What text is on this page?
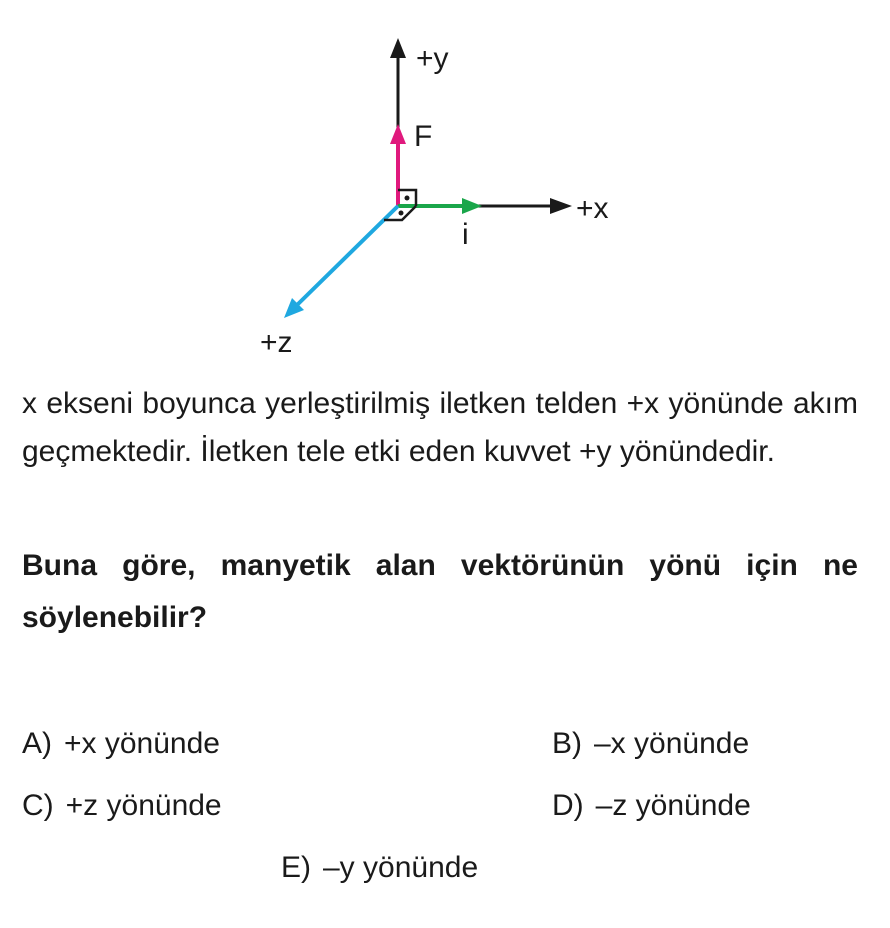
+y
F
+x
i
+z
x ekseni boyunca yerleştirilmiş iletken telden +x yönünde akım geçmektedir. İletken tele etki eden kuvvet +y yönündedir.
Buna göre, manyetik alan vektörünün yönü için ne söylenebilir?
A) +x yönünde	B) –x yönünde
C) +z yönünde	D) –z yönünde
E) –y yönünde
